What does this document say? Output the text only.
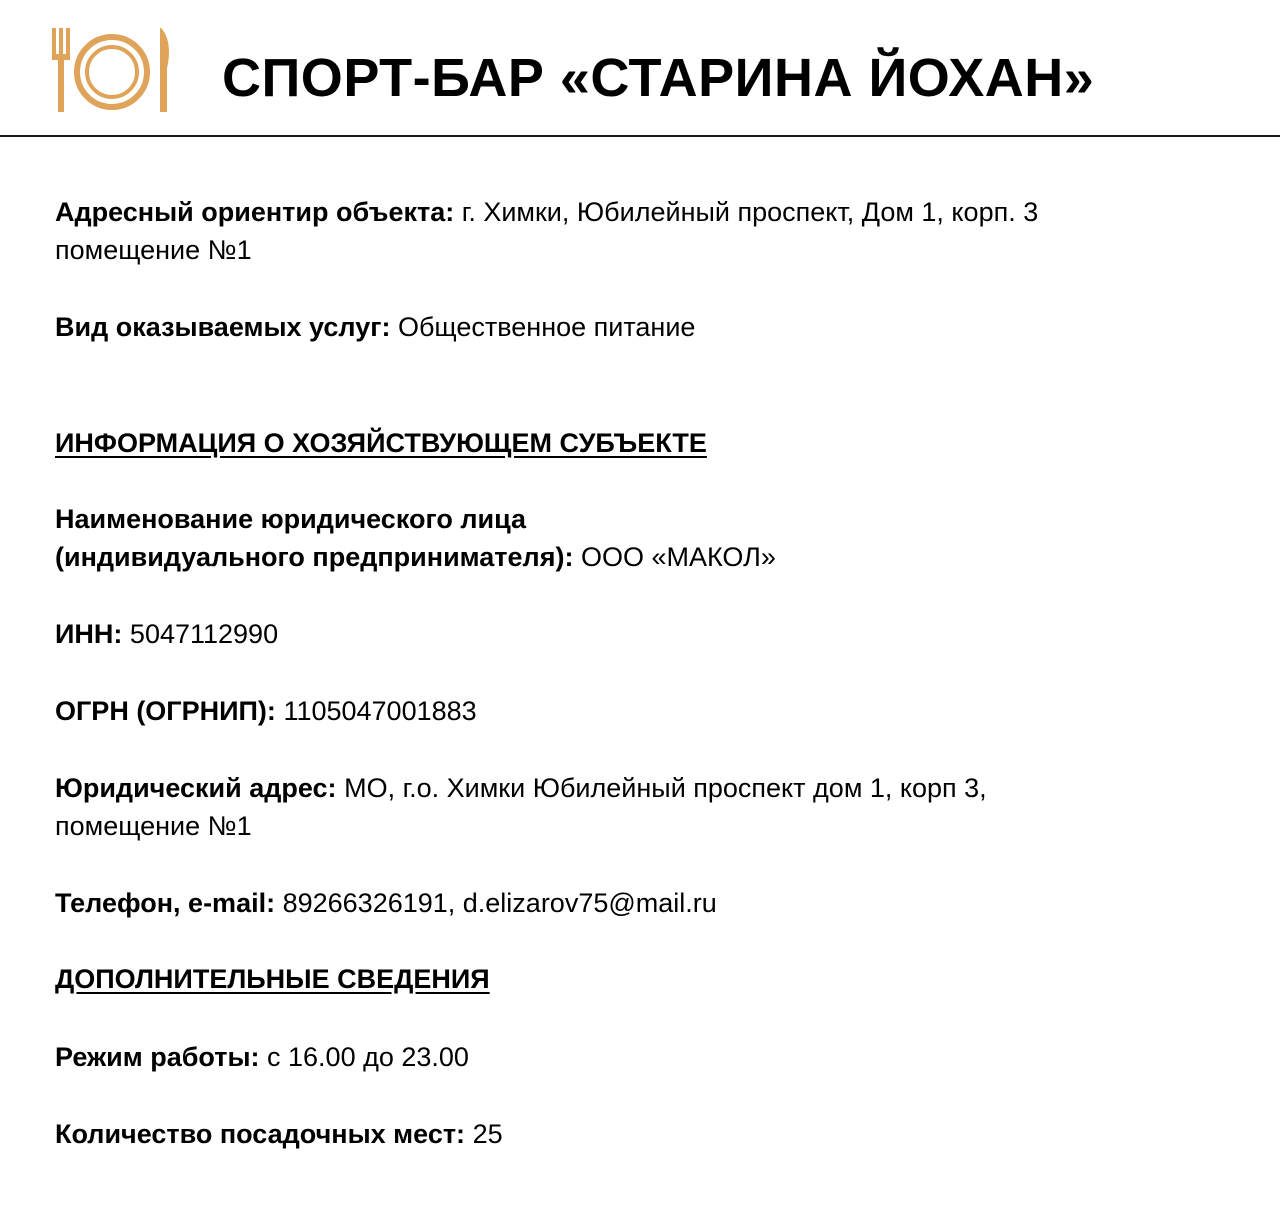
СПОРТ-БАР «СТАРИНА ЙОХАН»
Адресный ориентир объекта: г. Химки, Юбилейный проспект, Дом 1, корп. 3
помещение №1
Вид оказываемых услуг: Общественное питание
ИНФОРМАЦИЯ О ХОЗЯЙСТВУЮЩЕМ СУБЪЕКТЕ
Наименование юридического лица
(индивидуального предпринимателя): ООО «МАКОЛ»
ИНН: 5047112990
ОГРН (ОГРНИП): 1105047001883
Юридический адрес: МО, г.о. Химки Юбилейный проспект дом 1, корп 3,
помещение №1
Телефон, e-mail: 89266326191, d.elizarov75@mail.ru
ДОПОЛНИТЕЛЬНЫЕ СВЕДЕНИЯ
Режим работы: с 16.00 до 23.00
Количество посадочных мест: 25
